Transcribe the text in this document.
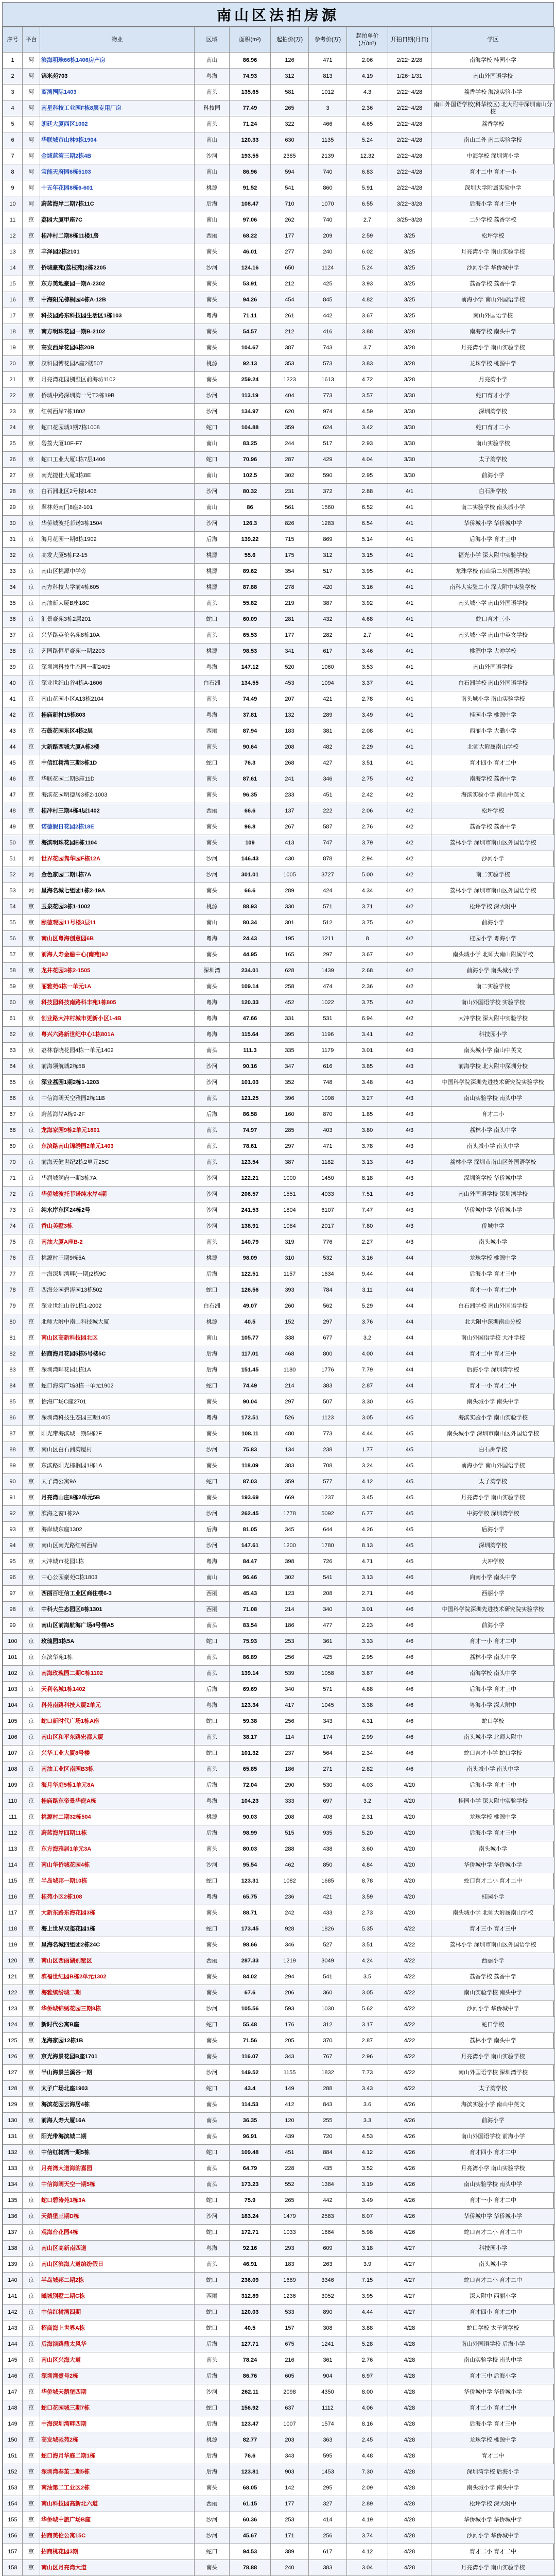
南山区法拍房源
序号	平台	物业	区域	面积(m²)	起拍价(万)	参考价(万)	起拍单价(万/m²)	开拍日期(月日)	学区
1	阿	滨海明珠66栋1406房产房	南山	86.96	126	471	2.06	2/22~2/28	南海学校 桂园小学
2	阿	锦米苑703	粤海	74.93	312	813	4.19	1/26~1/31	南山外国语学校
3	阿	蓝湾国际1403	南头	135.65	581	1012	4.3	2/22~4/28	荔香学校 海滨实验小学
4	阿	南星科技工业园F栋8层专用厂房	科技园	77.49	265	3	2.36	2/22~4/28	南山外国语学校(科华校区) 北大附中深圳南山分校
5	阿	朗廷大厦西区1002	南头	71.24	322	466	4.65	2/22~4/28	荔香学校
6	阿	华联城市山林9栋1904	南山	120.33	630	1135	5.24	2/22~4/28	南山二外 南二实验学校
7	阿	金域蓝湾三期2栋4B	沙河	193.55	2385	2139	12.32	2/22~4/28	中海学校 深圳湾小学
8	阿	宝能天府园6栋5103	南山	86.96	594	740	6.83	2/22~4/28	育才二中 育才一小
9	阿	十五年花园8栋6-601	桃源	91.52	541	860	5.91	2/22~4/28	深圳大学附属实验中学
10	阿	蔚蓝海岸二期7栋11C	后海	108.47	710	1070	6.55	3/22~3/28	后海小学 育才三中
11	京	荔园大厦甲座7C	南山	97.06	262	740	2.7	3/25~3/28	二外学校 荔香学校
12	京	桂冲村二期8栋11楼1房	西丽	68.22	177	209	2.59	3/25	松坪学校
13	京	丰泽园2栋2101	南头	46.01	277	240	6.02	3/25	月亮湾小学 南山实验学校
14	京	侨城豪苑(荔枝苑)2栋2205	沙河	124.16	650	1124	5.24	3/25	沙河小学 华侨城中学
15	京	东方美地豪园一期A-2302	南头	53.91	212	425	3.93	3/25	荔香学校 荔香中学
16	京	中海阳光棕榈园4栋A-12B	南头	94.26	454	845	4.82	3/25	前海小学 南山外国语学校
17	京	科技园路东科技园生活区1栋103	粤海	71.11	261	442	3.67	3/25	南山外国语学校
18	京	南方明珠花园一期B-2102	南头	54.57	212	416	3.88	3/28	南海学校 南头中学
19	京	高发西岸花园6栋20B	南头	104.67	387	743	3.7	3/28	月亮湾小学 南山实验学校
20	京	汉科园博花园A座2楼507	桃源	92.13	353	573	3.83	3/28	龙珠学校 桃源中学
21	京	月亮湾花园别墅区前海坊1102	南头	259.24	1223	1613	4.72	3/28	月亮湾小学
22	京	侨城中路深圳湾一号T3栋19B	沙河	113.19	404	773	3.57	3/30	蛇口育才小学
23	京	红树西岸7栋1802	沙河	134.97	620	974	4.59	3/30	深圳湾学校
24	京	蛇口花园城1期7栋1008	蛇口	104.88	359	624	3.42	3/30	蛇口育才二小
25	京	碧荔大厦10F-F7	南山	83.25	244	517	2.93	3/30	南山实验学校
26	京	蛇口工业大厦1栋7层1406	蛇口	70.96	287	429	4.04	3/30	太子湾学校
27	京	南光捷佳大厦3栋8E	南山	102.5	302	590	2.95	3/30	前海小学
28	京	白石洲北区2号楼1406	沙河	80.32	231	372	2.88	4/1	白石洲学校
29	京	翠林苑南门8座2-101	南山	86	561	1560	6.52	4/1	南二实验学校 南头城小学
30	京	华侨城波托菲诺3栋1504	沙河	126.3	826	1283	6.54	4/1	华侨城小学 华侨城中学
31	京	海月花园一期6栋1902	后海	139.22	715	869	5.14	4/1	后海小学 育才三中
32	京	高发大厦5栋F2-15	桃源	55.6	175	312	3.15	4/1	福光小学 深大附中实验学校
33	京	南山区桃源中学旁	桃源	89.62	354	517	3.95	4/1	龙珠学校 南山第二外国语学校
34	京	南方科技大学前4栋605	桃源	87.88	278	420	3.16	4/1	南科大实验二小 深大附中实验学校
35	京	南油新大厦B座18C	南头	55.82	219	387	3.92	4/1	南头城小学 南山外国语学校
36	京	汇景豪苑3栋2层201	蛇口	60.09	281	432	4.68	4/1	蛇口育才三小
37	京	兴华路英伦名苑8栋10A	南头	65.53	177	282	2.7	4/1	南头城小学 南山中英文学校
38	京	艺园路恒星豪苑一期2203	桃源	98.53	341	617	3.46	4/1	桃源中学 大冲学校
39	京	深圳湾科技生态园一期2405	粤海	147.12	520	1060	3.53	4/1	南山外国语学校
40	京	深业世纪山谷4栋A-1606	白石洲	134.55	453	1094	3.37	4/1	白石洲学校 南山外国语学校
41	京	南山花园小区A13栋2104	南头	74.49	207	421	2.78	4/1	南头城小学 南山实验学校
42	京	桂庙新村15栋803	粤海	37.81	132	289	3.49	4/1	桂园小学 桃源中学
43	京	石鼓花园东区4栋2层	西丽	87.94	183	381	2.08	4/1	西丽小学 大磡小学
44	京	大新路西城大厦A栋3楼	南头	90.64	208	482	2.29	4/1	北师大附属南山学校
45	京	中信红树湾三期3栋1D	蛇口	76.3	268	427	3.51	4/1	育才四小 育才二中
46	京	华联花园二期B座11D	南头	87.61	241	346	2.75	4/2	南海学校 荔香中学
47	京	海滨花园明德居3栋2-1003	南头	96.35	233	451	2.42	4/2	海滨实验小学 南山中英文
48	京	桂冲村三期4栋4层1402	西丽	66.6	137	222	2.06	4/2	松坪学校
49	京	诺德假日花园2栋18E	南头	96.8	267	587	2.76	4/2	荔香学校 荔香中学
50	京	海滨明珠花园E栋1104	南头	109	413	747	3.79	4/2	荔林小学 深圳市南山区外国语学校
51	阿	世界花园隽华园F栋12A	沙河	146.43	430	878	2.94	4/2	沙河小学
52	阿	金色家园二期1栋7A	沙河	301.01	1005	3727	5.00	4/2	南二实验学校
53	阿	星海名城七组团1栋2-19A	南头	66.6	289	424	4.34	4/2	荔林小学 深圳市南山区外国语学校
54	京	玉泉花园3栋1-1002	桃源	88.93	330	571	3.71	4/2	松坪学校 深大附中
55	京	颐德观园11号楼3层11	南山	80.34	301	512	3.75	4/2	前海小学
56	京	南山区粤海创意园6B	粤海	24.43	195	1211	8	4/2	桂园小学 粤海小学
57	京	前海人寿金融中心(南苑)9J	南头	44.95	165	297	3.67	4/2	南头城小学 北师大南山附属学校
58	京	龙井花园3栋2-1505	深圳湾	234.01	628	1439	2.68	4/2	前海小学 南头城小学
59	京	丽雅苑6栋一单元1A	南头	109.14	258	474	2.36	4/2	南二实验学校
60	京	科技园科技南路科丰苑1栋805	粤海	120.33	452	1022	3.75	4/2	南山外国语学校 实验学校
61	京	创业路大冲村城市更新小区1-4B	粤海	47.66	331	531	6.94	4/2	大冲学校 深大附中实验学校
62	京	粤兴六路新世纪中心1栋801A	粤海	115.64	395	1196	3.41	4/2	科技园小学
63	京	荔林春晓花园4栋一单元1402	南头	111.3	335	1179	3.01	4/3	南头城小学 南山中英文
64	京	前海领航城2栋5B	沙河	90.16	347	616	3.85	4/3	前海学校 北大附中深圳分校
65	京	深业荔园1期2栋1-1203	沙河	101.03	352	748	3.48	4/3	中国科学院深圳先进技术研究院实验学校
66	京	中信海阔天空雅园2栋11B	南头	121.25	396	1098	3.27	4/3	南山实验学校 南头中学
67	京	蔚蓝海岸A栋9-2F	后海	86.58	160	870	1.85	4/3	育才二小
68	京	龙海家园9栋2单元1801	南头	74.97	285	403	3.80	4/3	荔林小学 南头中学
69	京	东滨路南山锦绣园2单元1403	南头	78.61	297	471	3.78	4/3	南头城小学 南头中学
70	京	前海天健世纪2栋2单元25C	南头	123.54	387	1182	3.13	4/3	荔林小学 深圳市南山区外国语学校
71	京	华润城润府一期3栋7A	沙河	122.21	1000	1450	8.18	4/3	深圳湾学校 华侨城中学
72	京	华侨城波托菲诺纯水岸4期	沙河	206.57	1551	4033	7.51	4/3	南山外国语学校 深圳湾学校
73	京	纯水岸东区24栋2号	沙河	241.53	1804	6107	7.47	4/3	华侨城中学 华侨城小学
74	京	香山美墅3栋	沙河	138.91	1084	2017	7.80	4/3	侨城中学
75	京	南油大厦A座B-2	南头	140.79	319	776	2.27	4/3	南头城小学
76	京	桃源村三期9栋5A	桃源	98.09	310	532	3.16	4/4	龙珠学校 桃源中学
77	京	中海深圳湾畔(一期)2栋9C	后海	122.51	1157	1634	9.44	4/4	后海小学 育才三中
78	京	四海公园碧涛园13栋502	蛇口	126.56	393	784	3.11	4/4	育才一小 育才二中
79	京	深业世纪山谷1栋1-2002	白石洲	49.07	260	562	5.29	4/4	白石洲学校 南山外国语学校
80	京	北师大附中南山科技城大厦	桃源	40.5	152	297	3.76	4/4	北大附中深圳南山分校
81	京	南山区高新科技园北区	南山	105.77	338	677	3.2	4/4	南山外国语学校 大冲学校
82	京	招商海月花园5栋5号楼5C	后海	117.01	468	800	4.00	4/4	育才二中 育才三中
83	京	深圳湾畔花园1栋1A	后海	151.45	1180	1776	7.79	4/4	后海小学 深圳湾学校
84	京	蛇口海湾广场3栋一单元1902	蛇口	74.49	214	383	2.87	4/4	育才一小 育才二中
85	京	怡海广场C座2701	南头	90.04	297	507	3.30	4/5	南头城小学 南头中学
86	京	深圳湾科技生态园三期1405	粤海	172.51	526	1123	3.05	4/5	海滨实验小学 南山实验学校
87	京	阳光带海滨城一期5栋2F	南头	108.11	480	773	4.44	4/5	南头城小学 深圳市南山区外国语学校
88	京	南山区白石洲湾厦村	沙河	75.83	134	238	1.77	4/5	白石洲学校
89	京	东滨路阳光棕榈园1栋1A	南头	118.09	383	708	3.24	4/5	前海小学 南山外国语学校
90	京	太子湾公寓9A	蛇口	87.03	359	577	4.12	4/5	太子湾学校
91	京	月亮湾山庄8栋2单元5B	南头	193.69	669	1237	3.45	4/5	月亮湾小学 南山实验学校
92	京	滨海之窗1栋2A	沙河	262.45	1778	5092	6.77	4/5	中海学校 深圳湾学校
93	京	海岸城东座1302	后海	81.05	345	644	4.26	4/5	后海小学
94	京	南山区南光路红树西岸	沙河	147.61	1200	1780	8.13	4/5	深圳湾学校
95	京	大冲城市花园1栋	粤海	84.47	398	726	4.71	4/5	大冲学校
96	京	中心公园豪苑C栋1803	南山	96.46	302	541	3.13	4/6	向南小学 南头中学
97	京	西丽百旺信工业区商住楼6-3	西丽	45.43	123	208	2.71	4/6	西丽小学
98	京	中科大生态园区8栋1301	西丽	71.08	214	340	3.01	4/6	中国科学院深圳先进技术研究院实验学校
99	京	南山区前海航海广场4号楼A5	南头	83.54	186	477	2.23	4/6	前海小学
100	京	玫瑰园3栋5A	蛇口	75.93	253	361	3.33	4/6	育才一小 育才二中
101	京	东滨华苑1栋	南头	86.89	256	425	2.95	4/6	荔林小学 南头中学
102	京	南海玫瑰园二期C栋1102	南头	139.14	539	1058	3.87	4/6	南海学校 南头中学
103	京	天利名城1栋1402	后海	69.69	340	571	4.88	4/6	后海小学 育才三中
104	京	科苑南路科技大厦2单元	粤海	123.34	417	1045	3.38	4/6	粤海小学 深大附中
105	京	蛇口新时代广场1栋A座	蛇口	59.38	256	343	4.31	4/6	蛇口学校
106	京	南山区和平东路宏都大厦	南头	38.17	114	174	2.99	4/6	南头城小学 北师大附中
107	京	兴华工业大厦8号楼	蛇口	101.32	237	564	2.34	4/6	蛇口育才小学 蛇口学校
108	京	南油工业区南园B3栋	南头	65.85	186	271	2.82	4/6	南头城小学 南头中学
109	京	海月华庭5栋1单元8A	后海	72.04	290	530	4.03	4/20	后海小学 育才三中
110	京	桂庙路东帝景华庭A栋	粤海	104.23	333	697	3.2	4/20	桂园小学 深大附中实验学校
111	京	桃源村二期32栋504	桃源	90.03	208	408	2.31	4/20	龙珠学校 桃源中学
112	京	蔚蓝海岸四期11栋	后海	98.99	515	935	5.20	4/20	后海小学 育才三中
113	京	东方海雅居1单元3A	南头	80.03	288	438	3.60	4/20	南头城小学
114	京	南山华侨城花园4栋	沙河	95.54	462	850	4.84	4/20	华侨城中学 华侨城小学
115	京	半岛城邦一期10栋	蛇口	123.31	1082	1685	8.78	4/20	蛇口育才二小 育才二中
116	京	桂苑小区2栋108	粤海	65.75	236	421	3.59	4/20	桂园小学
117	京	大新东路东海花园3栋	南头	88.71	242	433	2.73	4/20	南头城小学 北师大附属南山学校
118	京	海上世界双玺花园1栋	蛇口	173.45	928	1826	5.35	4/22	育才三小 育才三中
119	京	星海名城四组团2栋24C	南头	98.66	346	527	3.51	4/22	荔林小学 深圳市南山区外国语学校
120	京	南山区西丽湖别墅区	西丽	287.33	1219	3049	4.24	4/22	西丽小学
121	京	滨福世纪园B栋2单元1302	南头	84.02	294	541	3.5	4/22	荔香学校 荔香中学
122	京	海雅缤纷城二期	南头	67.6	206	360	3.05	4/22	南山实验学校 南头中学
123	京	华侨城锦绣花园三期8栋	沙河	105.56	593	1030	5.62	4/22	沙河小学 华侨城中学
124	京	新时代公寓B座	蛇口	55.48	176	312	3.17	4/22	蛇口学校
125	京	龙海家园12栋1B	南头	71.56	205	370	2.87	4/22	荔林小学 南头中学
126	京	京光海景花园B座1701	南头	116.07	343	767	2.96	4/22	月亮湾小学 南山实验学校
127	京	半山海景兰溪谷一期	沙河	149.52	1155	1832	7.73	4/22	南山外国语学校 深圳湾学校
128	京	太子广场北座1903	蛇口	43.4	149	288	3.43	4/22	太子湾学校
129	京	海滨花园云海居4栋	南头	114.53	412	843	3.6	4/26	海滨实验小学 南山中英文
130	京	前海人寿大厦16A	南头	36.35	120	255	3.3	4/26	前海小学
131	京	阳光带海滨城二期	南头	96.91	439	720	4.53	4/26	南山外国语学校 前海小学
132	京	中信红树湾一期5栋	蛇口	109.48	451	884	4.12	4/26	育才四小 育才二中
133	京	月亮湾大道海韵嘉园	南头	64.79	228	435	3.52	4/26	月亮湾小学 南山实验学校
134	京	中信海阔天空一期5栋	南头	173.23	552	1384	3.19	4/26	南山实验学校 南头中学
135	京	蛇口碧涛苑1栋3A	蛇口	75.9	265	442	3.49	4/26	育才一小 育才二中
136	京	天鹅堡三期D栋	沙河	183.24	1479	2583	8.07	4/26	华侨城中学 华侨城小学
137	京	观海台花园4栋	蛇口	172.71	1033	1864	5.98	4/26	蛇口育才二小 育才二中
138	京	南山区高新南四道	粤海	92.16	293	609	3.18	4/27	科技园小学
139	京	南山区滨海大道缤纷假日	南头	46.91	183	263	3.9	4/27	南头城小学
140	京	半岛城邦二期2栋	蛇口	236.09	1689	3346	7.15	4/27	蛇口育才二小 育才二中
141	京	曦城别墅二期C栋	西丽	312.89	1236	3052	3.95	4/27	深大附中 西丽小学
142	京	中信红树湾四期	蛇口	120.03	533	890	4.44	4/27	育才四小 育才二中
143	京	招商海上世界A栋	蛇口	40.5	157	308	3.88	4/28	蛇口学校 太子湾学校
144	京	后海滨路鼎太风华	后海	127.71	675	1241	5.28	4/28	南山外国语学校 后海小学
145	京	南山区兴海大道	南头	78.24	216	361	2.76	4/28	南山实验学校 南头中学
146	京	深圳湾壹号2栋	后海	86.76	605	904	6.97	4/28	育才三中 后海小学
147	京	华侨城天鹅堡四期	沙河	262.11	2098	4350	8.00	4/28	华侨城中学 华侨城小学
148	京	蛇口花园城三期7栋	蛇口	156.92	637	1112	4.06	4/28	育才二小 育才二中
149	京	中海深圳湾畔四期	后海	123.47	1007	1574	8.16	4/28	后海小学 育才三中
150	京	高发城驰苑2栋	桃源	82.77	203	363	2.45	4/28	龙珠学校 桃源中学
151	京	蛇口海月华庭二期1栋	后海	76.6	343	595	4.48	4/28	育才二中
152	京	深圳湾春茧二期5栋	后海	123.81	903	1453	7.30	4/28	深圳湾学校 后海小学
153	京	南油第二工业区2栋	南头	68.05	142	295	2.09	4/28	南头城小学 南头中学
154	京	南山科技园高新北六道	西丽	61.15	177	327	2.89	4/28	松坪学校 深大附中
155	京	华侨城中旅广场B座	沙河	60.36	253	414	4.19	4/28	华侨城小学 华侨城中学
156	京	招商美伦公寓15C	沙河	45.67	171	256	3.74	4/28	沙河小学 华侨城中学
157	京	招商桃花园3期	蛇口	94.53	389	617	4.12	4/28	育才二小 育才二中
158	京	南山区月亮湾大道	南头	78.88	240	383	3.04	4/28	月亮湾小学 南山实验学校
